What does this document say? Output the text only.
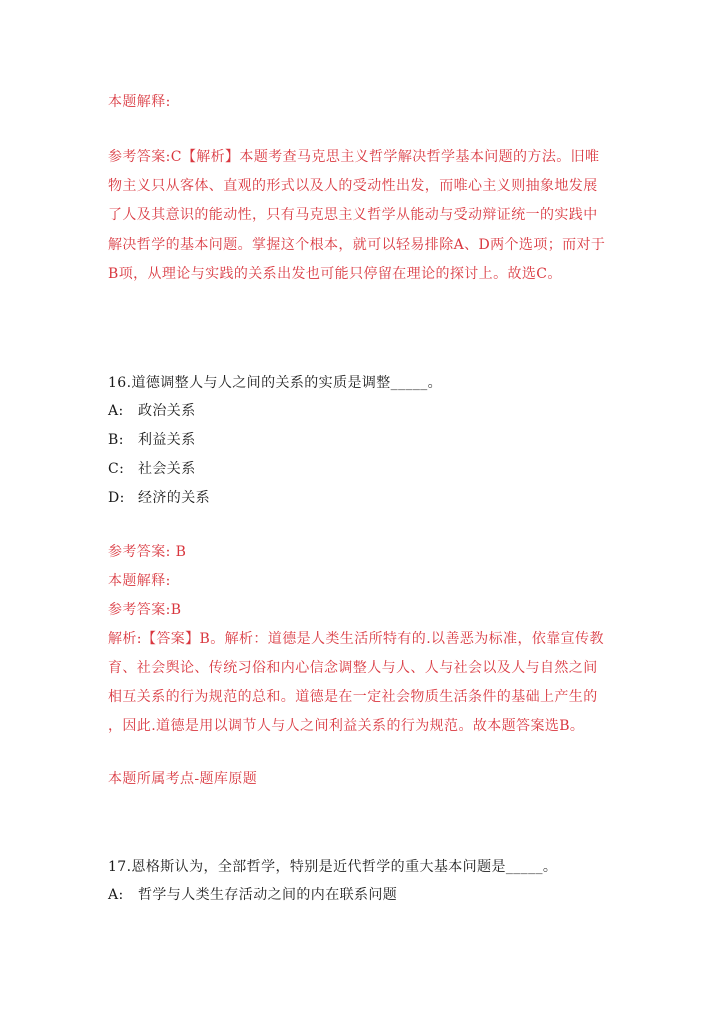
本题解释:
参考答案:C【解析】本题考查马克思主义哲学解决哲学基本问题的方法。旧唯
物主义只从客体、直观的形式以及人的受动性出发，而唯心主义则抽象地发展
了人及其意识的能动性，只有马克思主义哲学从能动与受动辩证统一的实践中
解决哲学的基本问题。掌握这个根本，就可以轻易排除A、D两个选项；而对于
B项，从理论与实践的关系出发也可能只停留在理论的探讨上。故选C。
16.道德调整人与人之间的关系的实质是调整_____。
A:	政治关系
B:	利益关系
C: 社会关系
D: 经济的关系
参考答案: B
本题解释:
参考答案:B
解析:【答案】B。解析：道德是人类生活所特有的.以善恶为标准，依靠宣传教
育、社会舆论、传统习俗和内心信念调整人与人、人与社会以及人与自然之间
相互关系的行为规范的总和。道德是在一定社会物质生活条件的基础上产生的
，因此.道德是用以调节人与人之间利益关系的行为规范。故本题答案选B。
本题所属考点-题库原题
17.恩格斯认为，全部哲学，特别是近代哲学的重大基本问题是_____。
A:	哲学与人类生存活动之间的内在联系问题
